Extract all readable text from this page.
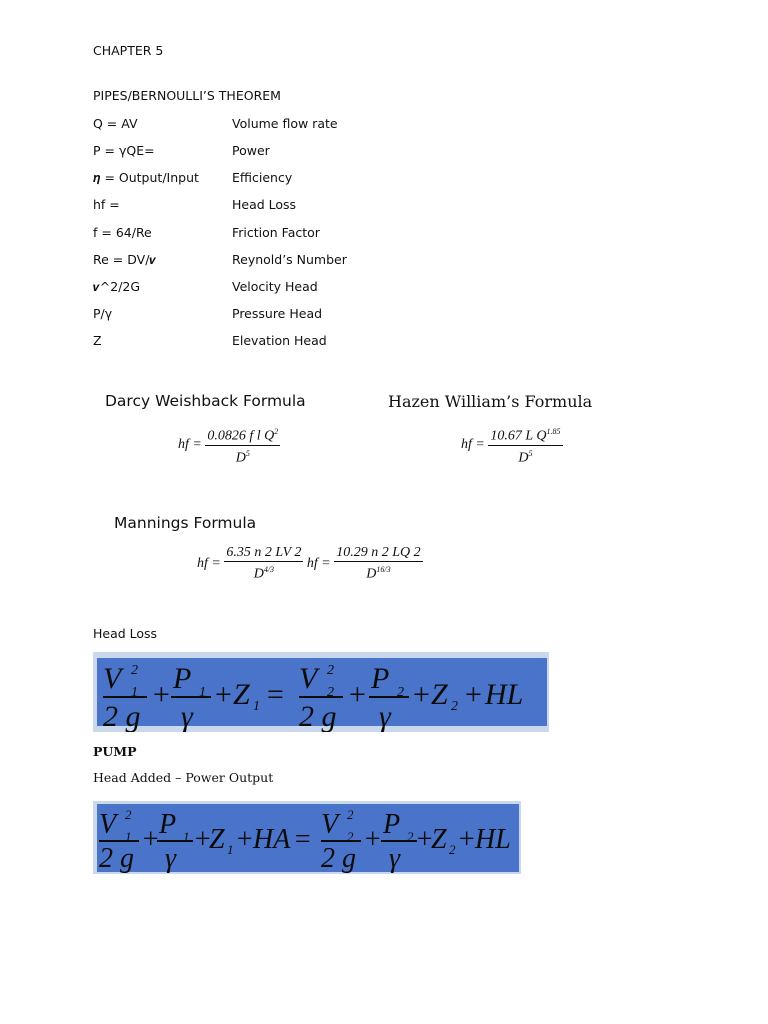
CHAPTER 5
PIPES/BERNOULLI’S THEOREM
Q = AV	Volume flow rate
P = γQE=	Power
𝜼 = Output/Input	Efficiency
hf =	Head Loss
f = 64/Re	Friction Factor
Re = DV/𝒗	Reynold’s Number
𝒗^2/2G	Velocity Head
P/γ	Pressure Head
Z	Elevation Head
Darcy Weishback Formula
hf = $\frac{0.0826 f l Q^2}{D^5}$
Hazen William’s Formula
hf = $\frac{10.67 L Q^{1.85}}{D^5}$
Mannings Formula
hf = $\frac{6.35 n 2 LV 2}{D^{4/3}}$ hf = $\frac{10.29 n 2 LQ 2}{D^{16/3}}$
Head Loss
V 2
1
2 g
+ P 1
γ
+ Z 1 = V 2
2
2 g
+ P 2
γ
+ Z 2 + HL
PUMP
Head Added – Power Output
V 2
1
2 g
+ P 1
γ
+
Z 1 + HA = V 2
2
2 g
+ P 2
γ
+
Z 2 + HL
